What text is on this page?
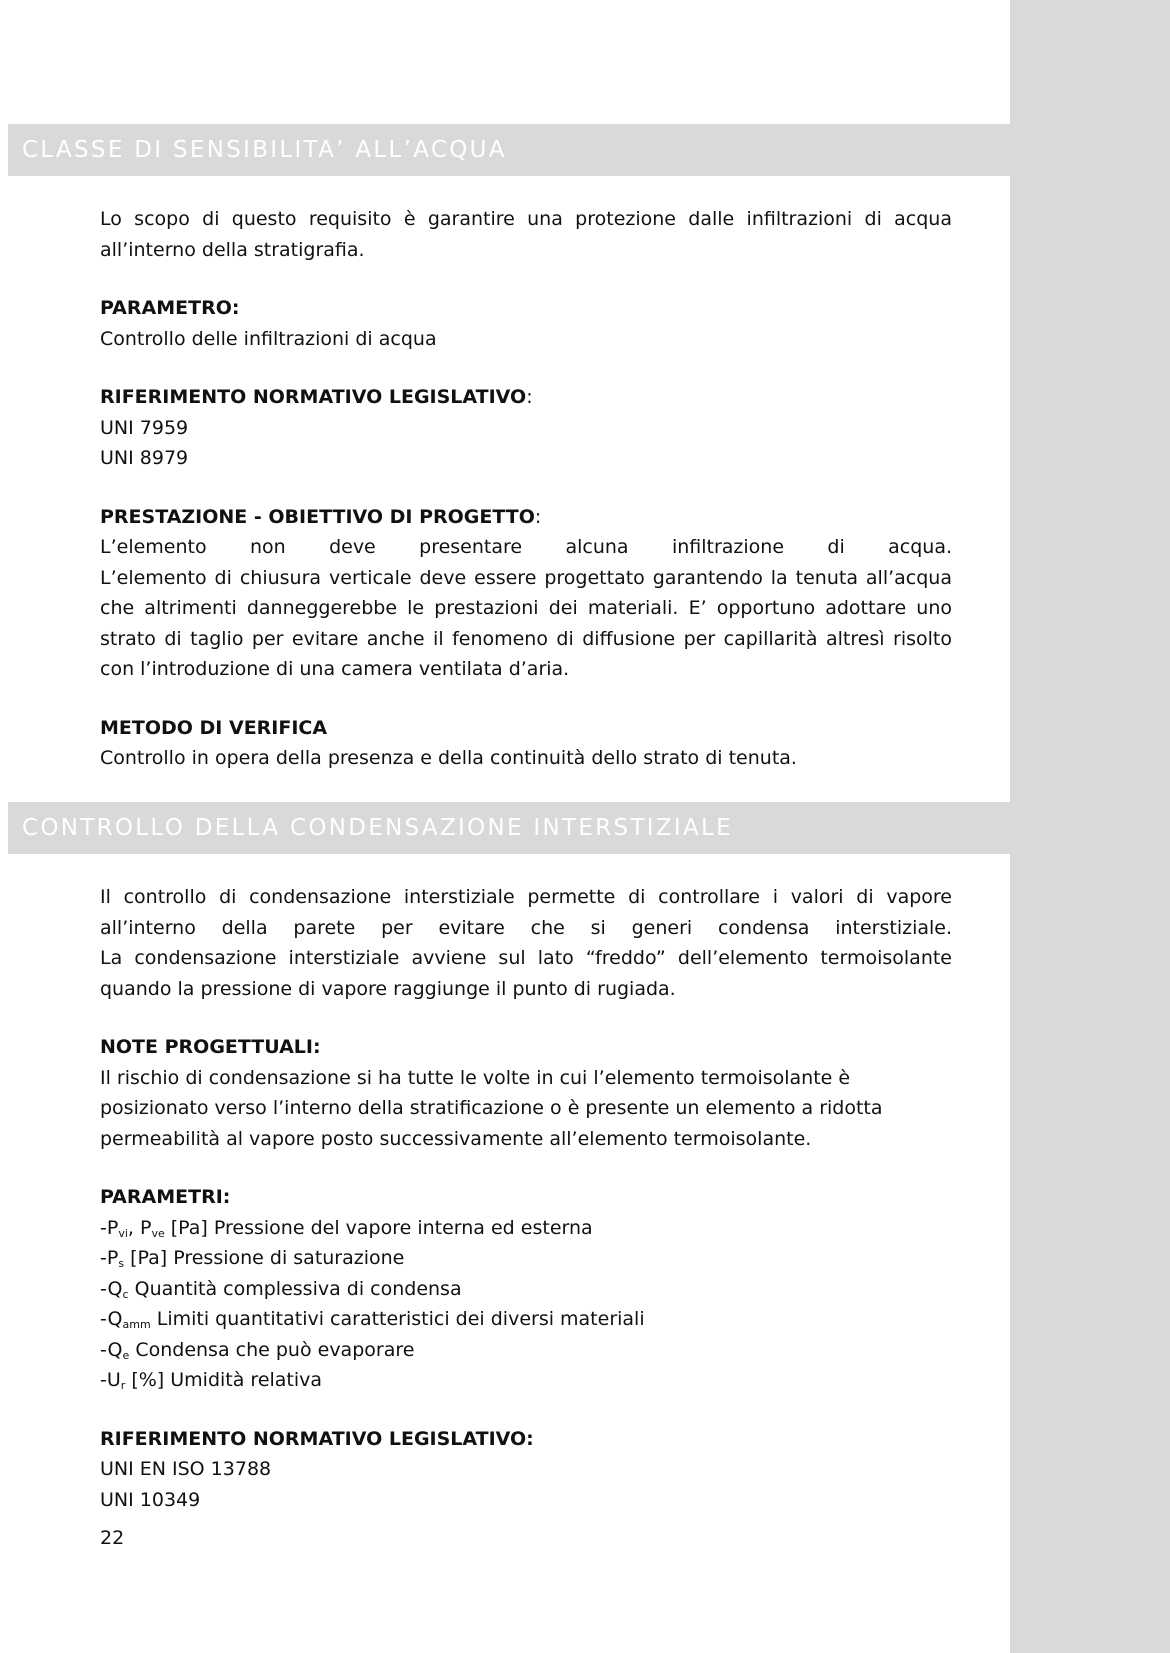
CLASSE DI SENSIBILITA’ ALL’ACQUA

Lo scopo di questo requisito è garantire una protezione dalle infiltrazioni di acqua

all’interno della stratigrafia.

PARAMETRO:

Controllo delle infiltrazioni di acqua

RIFERIMENTO NORMATIVO LEGISLATIVO:

UNI 7959

UNI 8979

PRESTAZIONE - OBIETTIVO DI PROGETTO:

L’elemento non deve presentare alcuna infiltrazione di acqua.

L’elemento di chiusura verticale deve essere progettato garantendo la tenuta all’acqua

che altrimenti danneggerebbe le prestazioni dei materiali. E’ opportuno adottare uno

strato di taglio per evitare anche il fenomeno di diffusione per capillarità altresì risolto

con l’introduzione di una camera ventilata d’aria.

METODO DI VERIFICA

Controllo in opera della presenza e della continuità dello strato di tenuta.

CONTROLLO DELLA CONDENSAZIONE INTERSTIZIALE

Il controllo di condensazione interstiziale permette di controllare i valori di vapore

all’interno della parete per evitare che si generi condensa interstiziale.

La condensazione interstiziale avviene sul lato “freddo” dell’elemento termoisolante

quando la pressione di vapore raggiunge il punto di rugiada.

NOTE PROGETTUALI:

Il rischio di condensazione si ha tutte le volte in cui l’elemento termoisolante è

posizionato verso l’interno della stratificazione o è presente un elemento a ridotta

permeabilità al vapore posto successivamente all’elemento termoisolante.

PARAMETRI:

$-P_{vi}$, $P_{ve}$ [Pa] Pressione del vapore interna ed esterna

$-P_s$ [Pa] Pressione di saturazione

$-Q_c$ Quantità complessiva di condensa

$-Q_{amm}$ Limiti quantitativi caratteristici dei diversi materiali

$-Q_e$ Condensa che può evaporare

$-U_r$ [%] Umidità relativa

RIFERIMENTO NORMATIVO LEGISLATIVO:

UNI EN ISO 13788

UNI 10349

22
